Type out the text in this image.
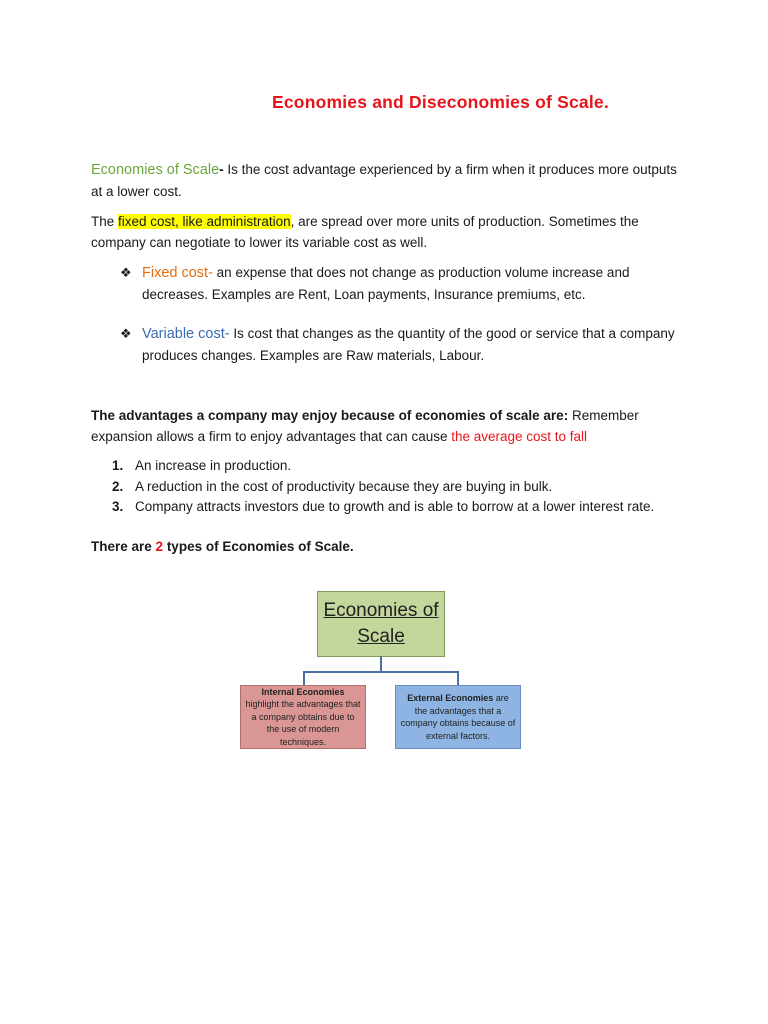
Economies and Diseconomies of Scale.
Economies of Scale- Is the cost advantage experienced by a firm when it produces more outputs at a lower cost.
The fixed cost, like administration, are spread over more units of production. Sometimes the company can negotiate to lower its variable cost as well.
❖ Fixed cost- an expense that does not change as production volume increase and decreases. Examples are Rent, Loan payments, Insurance premiums, etc.
❖ Variable cost- Is cost that changes as the quantity of the good or service that a company produces changes. Examples are Raw materials, Labour.
The advantages a company may enjoy because of economies of scale are: Remember expansion allows a firm to enjoy advantages that can cause the average cost to fall
1. An increase in production.
2. A reduction in the cost of productivity because they are buying in bulk.
3. Company attracts investors due to growth and is able to borrow at a lower interest rate.
There are 2 types of Economies of Scale.
Economies of
Scale
Internal Economies highlight the advantages that a company obtains due to the use of modern techniques.
External Economies are the advantages that a company obtains because of external factors.
